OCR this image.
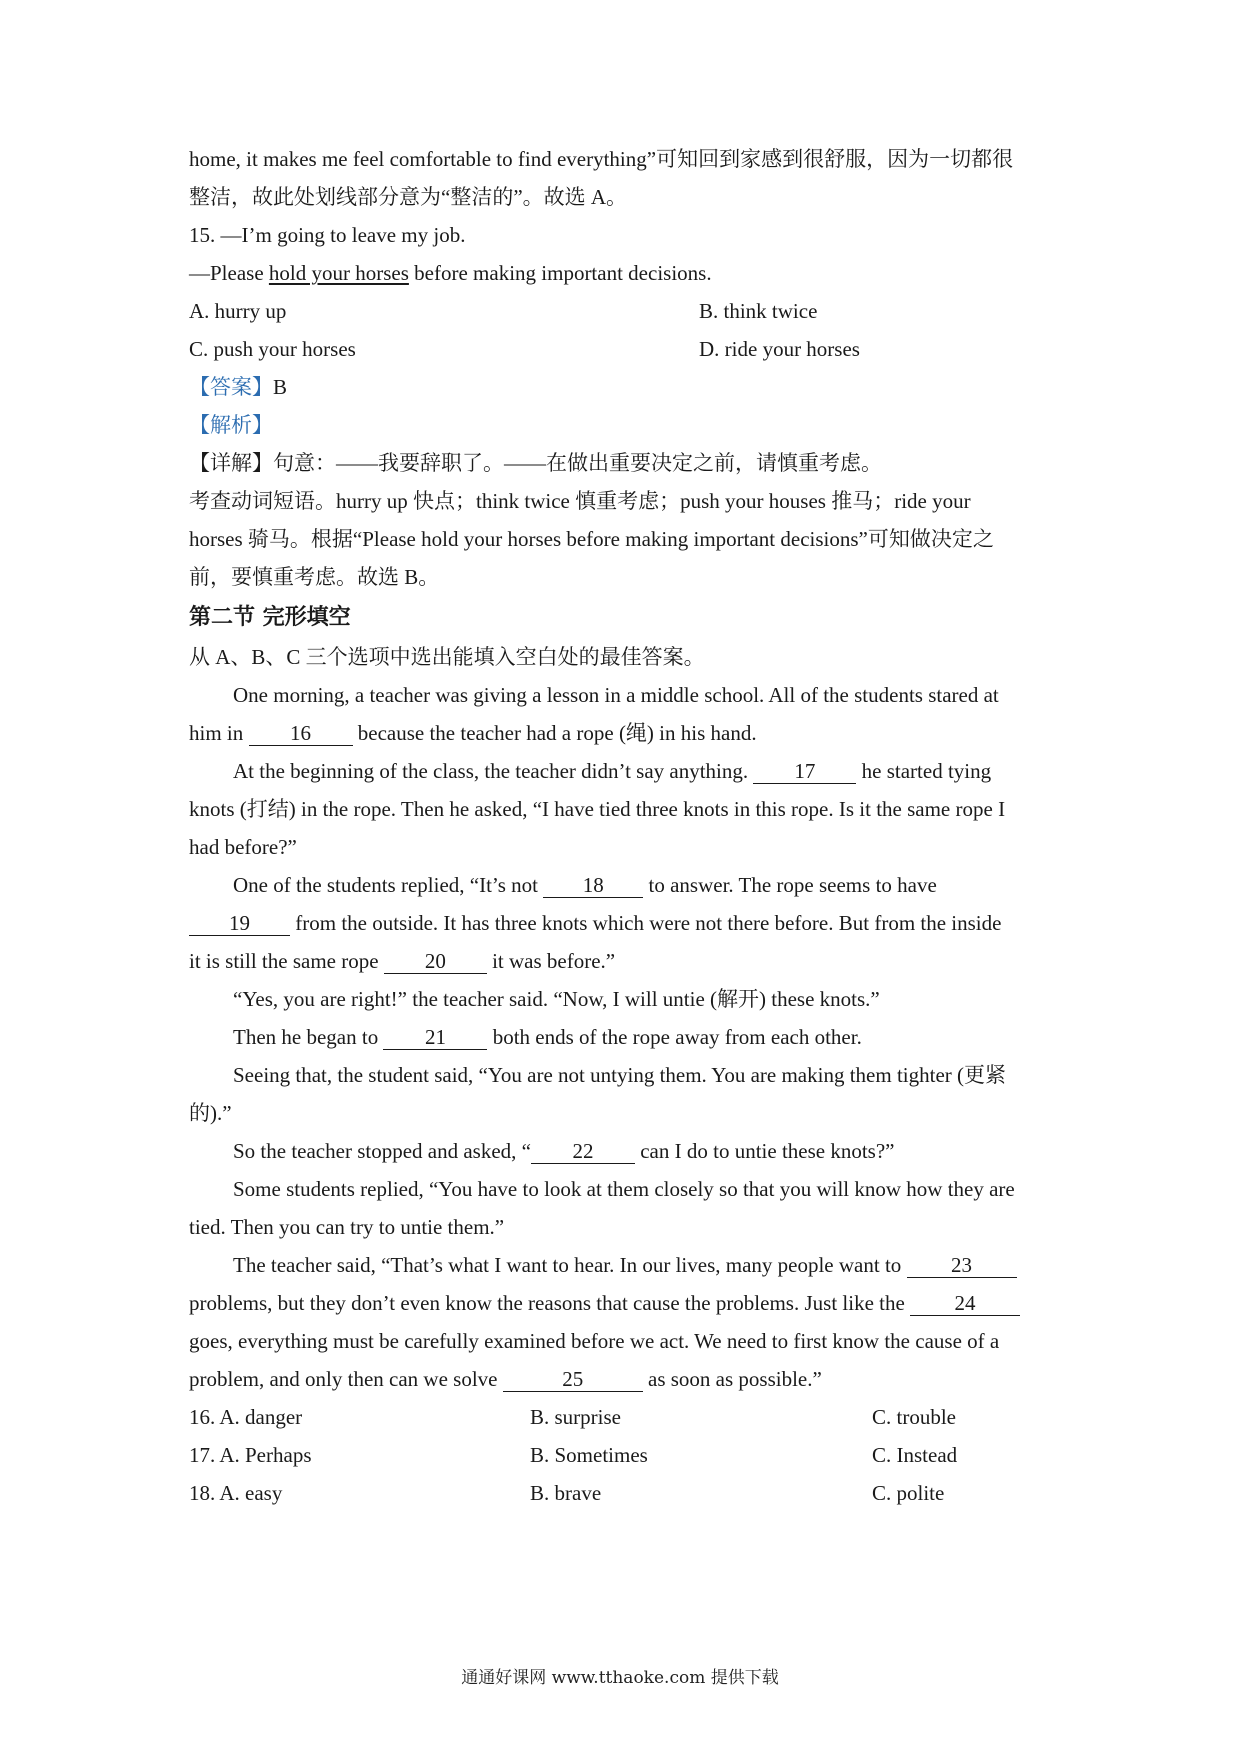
home, it makes me feel comfortable to find everything”可知回到家感到很舒服，因为一切都很
整洁，故此处划线部分意为“整洁的”。故选 A。
15. —I’m going to leave my job.
—Please hold your horses before making important decisions.
A. hurry up	B. think twice
C. push your horses	D. ride your horses
【答案】B
【解析】
【详解】句意：——我要辞职了。——在做出重要决定之前，请慎重考虑。
考查动词短语。hurry up 快点；think twice 慎重考虑；push your houses 推马；ride your
horses 骑马。根据“Please hold your horses before making important decisions”可知做决定之
前，要慎重考虑。故选 B。
第二节 完形填空
从 A、B、C 三个选项中选出能填入空白处的最佳答案。
One morning, a teacher was giving a lesson in a middle school. All of the students stared at
him in 16 because the teacher had a rope (绳) in his hand.
At the beginning of the class, the teacher didn’t say anything. 17 he started tying
knots (打结) in the rope. Then he asked, “I have tied three knots in this rope. Is it the same rope I
had before?”
One of the students replied, “It’s not 18 to answer. The rope seems to have
19 from the outside. It has three knots which were not there before. But from the inside
it is still the same rope 20 it was before.”
“Yes, you are right!” the teacher said. “Now, I will untie (解开) these knots.”
Then he began to 21 both ends of the rope away from each other.
Seeing that, the student said, “You are not untying them. You are making them tighter (更紧
的).”
So the teacher stopped and asked, “ 22 can I do to untie these knots?”
Some students replied, “You have to look at them closely so that you will know how they are
tied. Then you can try to untie them.”
The teacher said, “That’s what I want to hear. In our lives, many people want to 23
problems, but they don’t even know the reasons that cause the problems. Just like the 24
goes, everything must be carefully examined before we act. We need to first know the cause of a
problem, and only then can we solve	25	as soon as possible.”
16. A. danger	B. surprise	C. trouble
17. A. Perhaps	B. Sometimes	C. Instead
18. A. easy	B. brave	C. polite
通通好课网 www.tthaoke.com 提供下载
